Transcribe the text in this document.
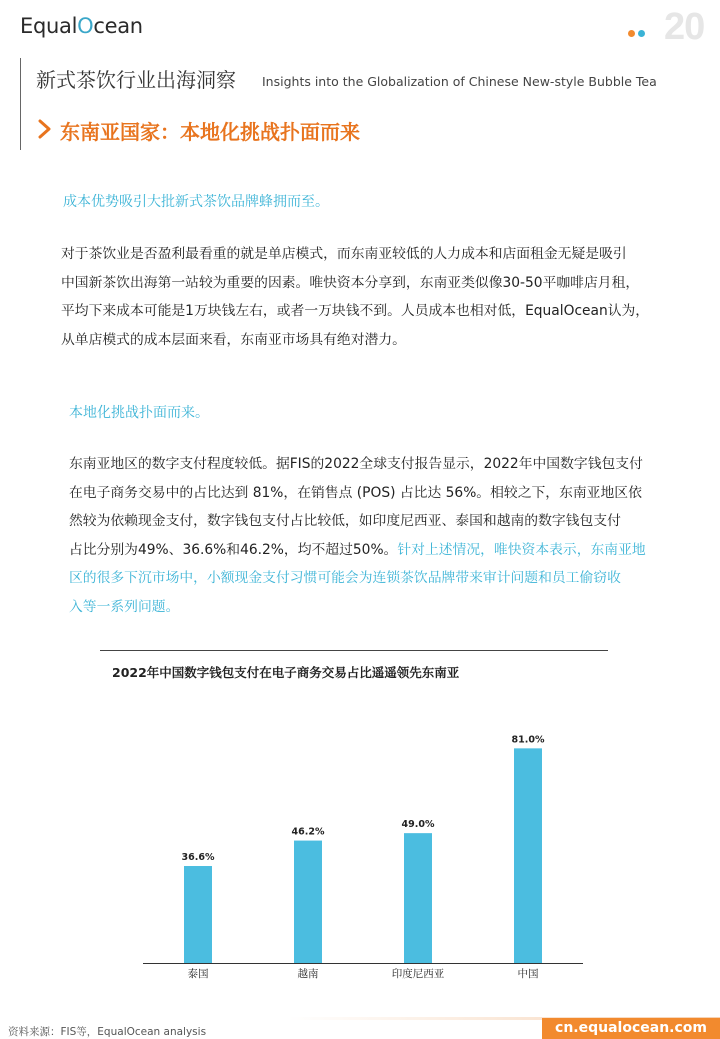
EqualOcean	20
新式茶饮行业出海洞察 Insights into the Globalization of Chinese New-style Bubble Tea
东南亚国家：本地化挑战扑面而来
成本优势吸引大批新式茶饮品牌蜂拥而至。
对于茶饮业是否盈利最看重的就是单店模式，而东南亚较低的人力成本和店面租金无疑是吸引
中国新茶饮出海第一站较为重要的因素。唯快资本分享到，东南亚类似像30-50平咖啡店月租，
平均下来成本可能是1万块钱左右，或者一万块钱不到。人员成本也相对低，EqualOcean认为，
从单店模式的成本层面来看，东南亚市场具有绝对潜力。
本地化挑战扑面而来。
东南亚地区的数字支付程度较低。据FIS的2022全球支付报告显示，2022年中国数字钱包支付
在电子商务交易中的占比达到 81%，在销售点 (POS) 占比达 56%。相较之下，东南亚地区依
然较为依赖现金支付，数字钱包支付占比较低，如印度尼西亚、泰国和越南的数字钱包支付
占比分别为49%、36.6%和46.2%，均不超过50%。针对上述情况，唯快资本表示，东南亚地
区的很多下沉市场中，小额现金支付习惯可能会为连锁茶饮品牌带来审计问题和员工偷窃收
入等一系列问题。
2022年中国数字钱包支付在电子商务交易占比遥遥领先东南亚
36.6%
泰国
46.2%
越南
49.0%
印度尼西亚
81.0%
中国
资料来源：FIS等，EqualOcean analysis	cn.equalocean.com
